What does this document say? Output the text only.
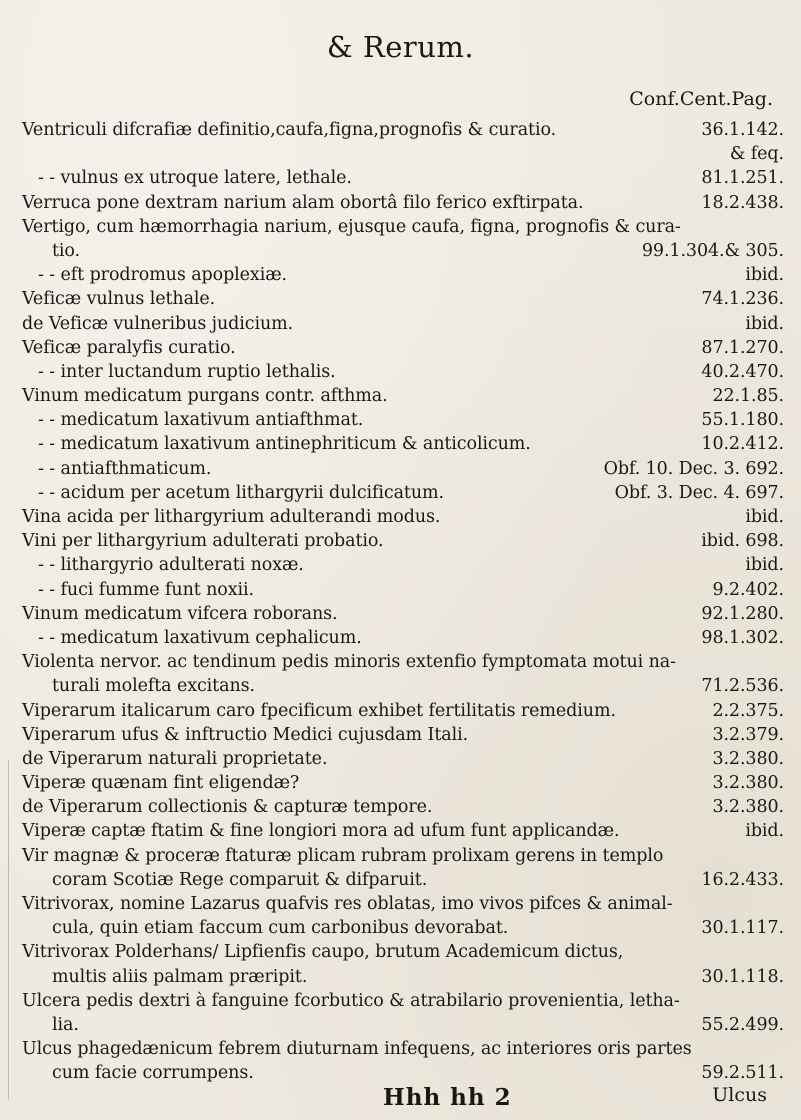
& Rerum.
Conf.Cent.Pag.
Ventriculi difcrafiæ definitio,caufa,figna,prognofis & curatio.	36.1.142.
& feq.
- - vulnus ex utroque latere, lethale.	81.1.251.
Verruca pone dextram narium alam obortâ filo ferico exftirpata.	18.2.438.
Vertigo, cum hæmorrhagia narium, ejusque caufa, figna, prognofis & cura-
tio.	99.1.304.& 305.
- - eft prodromus apoplexiæ.	ibid.
Veficæ vulnus lethale.	74.1.236.
de Veficæ vulneribus judicium.	ibid.
Veficæ paralyfis curatio.	87.1.270.
- - inter luctandum ruptio lethalis.	40.2.470.
Vinum medicatum purgans contr. afthma.	22.1.85.
- - medicatum laxativum antiafthmat.	55.1.180.
- - medicatum laxativum antinephriticum & anticolicum.	10.2.412.
- - antiafthmaticum.	Obf. 10. Dec. 3. 692.
- - acidum per acetum lithargyrii dulcificatum.	Obf. 3. Dec. 4. 697.
Vina acida per lithargyrium adulterandi modus.	ibid.
Vini per lithargyrium adulterati probatio.	ibid. 698.
- - lithargyrio adulterati noxæ.	ibid.
- - fuci fumme funt noxii.	9.2.402.
Vinum medicatum vifcera roborans.	92.1.280.
- - medicatum laxativum cephalicum.	98.1.302.
Violenta nervor. ac tendinum pedis minoris extenfio fymptomata motui na-
turali molefta excitans.	71.2.536.
Viperarum italicarum caro fpecificum exhibet fertilitatis remedium.	2.2.375.
Viperarum ufus & inftructio Medici cujusdam Itali.	3.2.379.
de Viperarum naturali proprietate.	3.2.380.
Viperæ quænam fint eligendæ?	3.2.380.
de Viperarum collectionis & capturæ tempore.	3.2.380.
Viperæ captæ ftatim & fine longiori mora ad ufum funt applicandæ.	ibid.
Vir magnæ & proceræ ftaturæ plicam rubram prolixam gerens in templo
coram Scotiæ Rege comparuit & difparuit.	16.2.433.
Vitrivorax, nomine Lazarus quafvis res oblatas, imo vivos pifces & animal-
cula, quin etiam faccum cum carbonibus devorabat.	30.1.117.
Vitrivorax Polderhans/ Lipfienfis caupo, brutum Academicum dictus,
multis aliis palmam præripit.	30.1.118.
Ulcera pedis dextri à fanguine fcorbutico & atrabilario provenientia, letha-
lia.	55.2.499.
Ulcus phagedænicum febrem diuturnam infequens, ac interiores oris partes
cum facie corrumpens.	59.2.511.
Hhh hh 2	Ulcus
